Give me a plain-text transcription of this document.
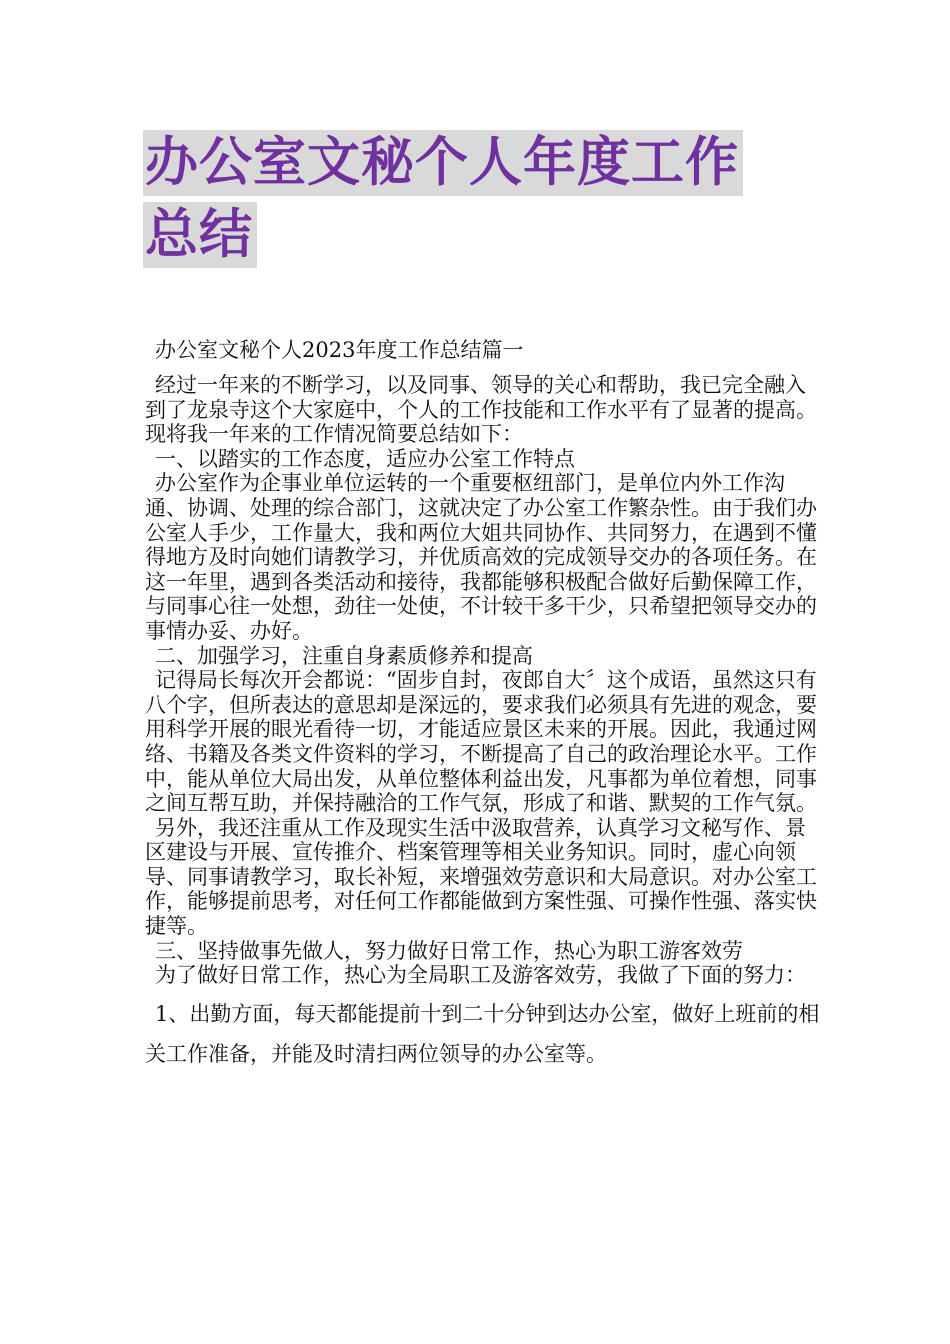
办公室文秘个人年度工作
总结
办公室文秘个人2023年度工作总结篇一

经过一年来的不断学习，以及同事、领导的关心和帮助，我已完全融入到了龙泉寺这个大家庭中，个人的工作技能和工作水平有了显著的提高。现将我一年来的工作情况简要总结如下：

一、以踏实的工作态度，适应办公室工作特点

办公室作为企事业单位运转的一个重要枢纽部门，是单位内外工作沟通、协调、处理的综合部门，这就决定了办公室工作繁杂性。由于我们办公室人手少，工作量大，我和两位大姐共同协作、共同努力，在遇到不懂得地方及时向她们请教学习，并优质高效的完成领导交办的各项任务。在这一年里，遇到各类活动和接待，我都能够积极配合做好后勤保障工作，与同事心往一处想，劲往一处使，不计较干多干少，只希望把领导交办的事情办妥、办好。

二、加强学习，注重自身素质修养和提高

记得局长每次开会都说：“固步自封，夜郎自大〞这个成语，虽然这只有八个字，但所表达的意思却是深远的，要求我们必须具有先进的观念，要用科学开展的眼光看待一切，才能适应景区未来的开展。因此，我通过网络、书籍及各类文件资料的学习，不断提高了自己的政治理论水平。工作中，能从单位大局出发，从单位整体利益出发，凡事都为单位着想，同事之间互帮互助，并保持融洽的工作气氛，形成了和谐、默契的工作气氛。

另外，我还注重从工作及现实生活中汲取营养，认真学习文秘写作、景区建设与开展、宣传推介、档案管理等相关业务知识。同时，虚心向领导、同事请教学习，取长补短，来增强效劳意识和大局意识。对办公室工作，能够提前思考，对任何工作都能做到方案性强、可操作性强、落实快捷等。

三、坚持做事先做人，努力做好日常工作，热心为职工游客效劳

为了做好日常工作，热心为全局职工及游客效劳，我做了下面的努力：

1、出勤方面，每天都能提前十到二十分钟到达办公室，做好上班前的相关工作准备，并能及时清扫两位领导的办公室等。
